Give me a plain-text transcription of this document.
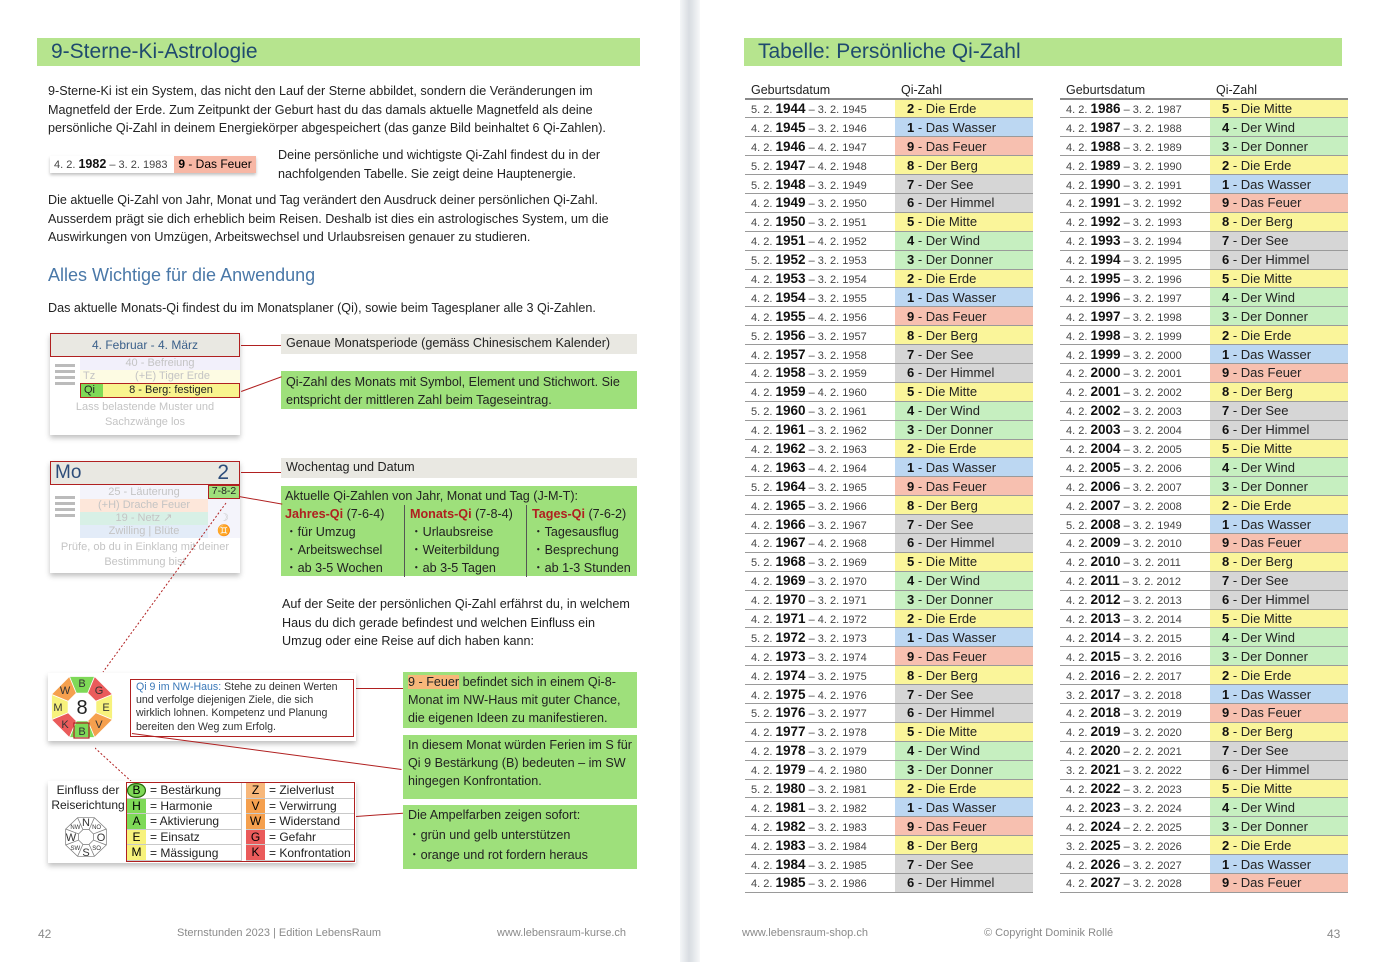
9-Sterne-Ki-Astrologie
9-Sterne-Ki ist ein System, das nicht den Lauf der Sterne abbildet, sondern die Veränderungen im Magnetfeld der Erde. Zum Zeitpunkt der Geburt hast du das damals aktuelle Magnetfeld als deine persönliche Qi-Zahl in deinem Energiekörper abgespeichert (das ganze Bild beinhaltet 6 Qi-Zahlen).
4. 2. 1982 – 3. 2. 1983 9 - Das Feuer
Deine persönliche und wichtigste Qi-Zahl findest du in der nachfolgenden Tabelle. Sie zeigt deine Hauptenergie.
Die aktuelle Qi-Zahl von Jahr, Monat und Tag verändert den Ausdruck deiner persönlichen Qi-Zahl. Ausserdem prägt sie dich erheblich beim Reisen. Deshalb ist dies ein astrologisches System, um die Auswirkungen von Umzügen, Arbeitswechsel und Urlaubsreisen genauer zu studieren.
Alles Wichtige für die Anwendung
Das aktuelle Monats-Qi findest du im Monatsplaner (Qi), sowie beim Tagesplaner alle 3 Qi-Zahlen.
4. Februar - 4. März
40 - Befreiung
Tz	(+E) Tiger Erde
Qi	8 - Berg: festigen
Lass belastende Muster und Sachzwänge los
Genaue Monatsperiode (gemäss Chinesischem Kalender)
Qi-Zahl des Monats mit Symbol, Element und Stichwort. Sie entspricht der mittleren Zahl beim Tageseintrag.
Mo	2
25 - Läuterung	7-8-2
(+H) Drache Feuer
19 - Netz ↗	☽
Zwilling | Blüte	♊
Prüfe, ob du in Einklang mit deiner Bestimmung bist
Wochentag und Datum
Aktuelle Qi-Zahlen von Jahr, Monat und Tag (J-M-T):
Jahres-Qi (7-6-4)
・für Umzug
・Arbeitswechsel
・ab 3-5 Wochen
Monats-Qi (7-8-4)
・Urlaubsreise
・Weiterbildung
・ab 3-5 Tagen
Tages-Qi (7-6-2)
・Tagesausflug
・Besprechung
・ab 1-3 Stunden
Auf der Seite der persönlichen Qi-Zahl erfährst du, in welchem Haus du dich gerade befindest und welchen Einfluss ein Umzug oder eine Reise auf dich haben kann:
B
G
E
V
B
K
M
W
8
Qi 9 im NW-Haus: Stehe zu deinen Werten und verfolge diejenigen Ziele, die sich wirklich lohnen. Kompetenz und Planung bereiten den Weg zum Erfolg.
9 - Feuer befindet sich in einem Qi-8-Monat im NW-Haus mit guter Chance, die eigenen Ideen zu manifestieren.
In diesem Monat würden Ferien im S für Qi 9 Bestärkung (B) bedeuten – im SW hingegen Konfrontation.
Einfluss der Reiserichtung
N NO
O
SO
S
SW
W
NW
B = Bestärkung
H = Harmonie
A = Aktivierung
E = Einsatz
M = Mässigung
Z = Zielverlust
V = Verwirrung
W = Widerstand
G = Gefahr
K = Konfrontation
Die Ampelfarben zeigen sofort:
・grün und gelb unterstützen
・orange und rot fordern heraus
42	Sternstunden 2023 | Edition LebensRaum	www.lebensraum-kurse.ch
Tabelle: Persönliche Qi-Zahl
Geburtsdatum	Qi-Zahl
5. 2. 1944 – 3. 2. 1945	2 - Die Erde
4. 2. 1945 – 3. 2. 1946	1 - Das Wasser
4. 2. 1946 – 4. 2. 1947	9 - Das Feuer
5. 2. 1947 – 4. 2. 1948	8 - Der Berg
5. 2. 1948 – 3. 2. 1949	7 - Der See
4. 2. 1949 – 3. 2. 1950	6 - Der Himmel
4. 2. 1950 – 3. 2. 1951	5 - Die Mitte
4. 2. 1951 – 4. 2. 1952	4 - Der Wind
5. 2. 1952 – 3. 2. 1953	3 - Der Donner
4. 2. 1953 – 3. 2. 1954	2 - Die Erde
4. 2. 1954 – 3. 2. 1955	1 - Das Wasser
4. 2. 1955 – 4. 2. 1956	9 - Das Feuer
5. 2. 1956 – 3. 2. 1957	8 - Der Berg
4. 2. 1957 – 3. 2. 1958	7 - Der See
4. 2. 1958 – 3. 2. 1959	6 - Der Himmel
4. 2. 1959 – 4. 2. 1960	5 - Die Mitte
5. 2. 1960 – 3. 2. 1961	4 - Der Wind
4. 2. 1961 – 3. 2. 1962	3 - Der Donner
4. 2. 1962 – 3. 2. 1963	2 - Die Erde
4. 2. 1963 – 4. 2. 1964	1 - Das Wasser
5. 2. 1964 – 3. 2. 1965	9 - Das Feuer
4. 2. 1965 – 3. 2. 1966	8 - Der Berg
4. 2. 1966 – 3. 2. 1967	7 - Der See
4. 2. 1967 – 4. 2. 1968	6 - Der Himmel
5. 2. 1968 – 3. 2. 1969	5 - Die Mitte
4. 2. 1969 – 3. 2. 1970	4 - Der Wind
4. 2. 1970 – 3. 2. 1971	3 - Der Donner
4. 2. 1971 – 4. 2. 1972	2 - Die Erde
5. 2. 1972 – 3. 2. 1973	1 - Das Wasser
4. 2. 1973 – 3. 2. 1974	9 - Das Feuer
4. 2. 1974 – 3. 2. 1975	8 - Der Berg
4. 2. 1975 – 4. 2. 1976	7 - Der See
5. 2. 1976 – 3. 2. 1977	6 - Der Himmel
4. 2. 1977 – 3. 2. 1978	5 - Die Mitte
4. 2. 1978 – 3. 2. 1979	4 - Der Wind
4. 2. 1979 – 4. 2. 1980	3 - Der Donner
5. 2. 1980 – 3. 2. 1981	2 - Die Erde
4. 2. 1981 – 3. 2. 1982	1 - Das Wasser
4. 2. 1982 – 3. 2. 1983	9 - Das Feuer
4. 2. 1983 – 3. 2. 1984	8 - Der Berg
4. 2. 1984 – 3. 2. 1985	7 - Der See
4. 2. 1985 – 3. 2. 1986	6 - Der Himmel
Geburtsdatum	Qi-Zahl
4. 2. 1986 – 3. 2. 1987	5 - Die Mitte
4. 2. 1987 – 3. 2. 1988	4 - Der Wind
4. 2. 1988 – 3. 2. 1989	3 - Der Donner
4. 2. 1989 – 3. 2. 1990	2 - Die Erde
4. 2. 1990 – 3. 2. 1991	1 - Das Wasser
4. 2. 1991 – 3. 2. 1992	9 - Das Feuer
4. 2. 1992 – 3. 2. 1993	8 - Der Berg
4. 2. 1993 – 3. 2. 1994	7 - Der See
4. 2. 1994 – 3. 2. 1995	6 - Der Himmel
4. 2. 1995 – 3. 2. 1996	5 - Die Mitte
4. 2. 1996 – 3. 2. 1997	4 - Der Wind
4. 2. 1997 – 3. 2. 1998	3 - Der Donner
4. 2. 1998 – 3. 2. 1999	2 - Die Erde
4. 2. 1999 – 3. 2. 2000	1 - Das Wasser
4. 2. 2000 – 3. 2. 2001	9 - Das Feuer
4. 2. 2001 – 3. 2. 2002	8 - Der Berg
4. 2. 2002 – 3. 2. 2003	7 - Der See
4. 2. 2003 – 3. 2. 2004	6 - Der Himmel
4. 2. 2004 – 3. 2. 2005	5 - Die Mitte
4. 2. 2005 – 3. 2. 2006	4 - Der Wind
4. 2. 2006 – 3. 2. 2007	3 - Der Donner
4. 2. 2007 – 3. 2. 2008	2 - Die Erde
5. 2. 2008 – 3. 2. 1949	1 - Das Wasser
4. 2. 2009 – 3. 2. 2010	9 - Das Feuer
4. 2. 2010 – 3. 2. 2011	8 - Der Berg
4. 2. 2011 – 3. 2. 2012	7 - Der See
4. 2. 2012 – 3. 2. 2013	6 - Der Himmel
4. 2. 2013 – 3. 2. 2014	5 - Die Mitte
4. 2. 2014 – 3. 2. 2015	4 - Der Wind
4. 2. 2015 – 3. 2. 2016	3 - Der Donner
4. 2. 2016 – 2. 2. 2017	2 - Die Erde
3. 2. 2017 – 3. 2. 2018	1 - Das Wasser
4. 2. 2018 – 3. 2. 2019	9 - Das Feuer
4. 2. 2019 – 3. 2. 2020	8 - Der Berg
4. 2. 2020 – 2. 2. 2021	7 - Der See
3. 2. 2021 – 3. 2. 2022	6 - Der Himmel
4. 2. 2022 – 3. 2. 2023	5 - Die Mitte
4. 2. 2023 – 3. 2. 2024	4 - Der Wind
4. 2. 2024 – 2. 2. 2025	3 - Der Donner
3. 2. 2025 – 3. 2. 2026	2 - Die Erde
4. 2. 2026 – 3. 2. 2027	1 - Das Wasser
4. 2. 2027 – 3. 2. 2028	9 - Das Feuer
www.lebensraum-shop.ch	© Copyright Dominik Rollé	43
